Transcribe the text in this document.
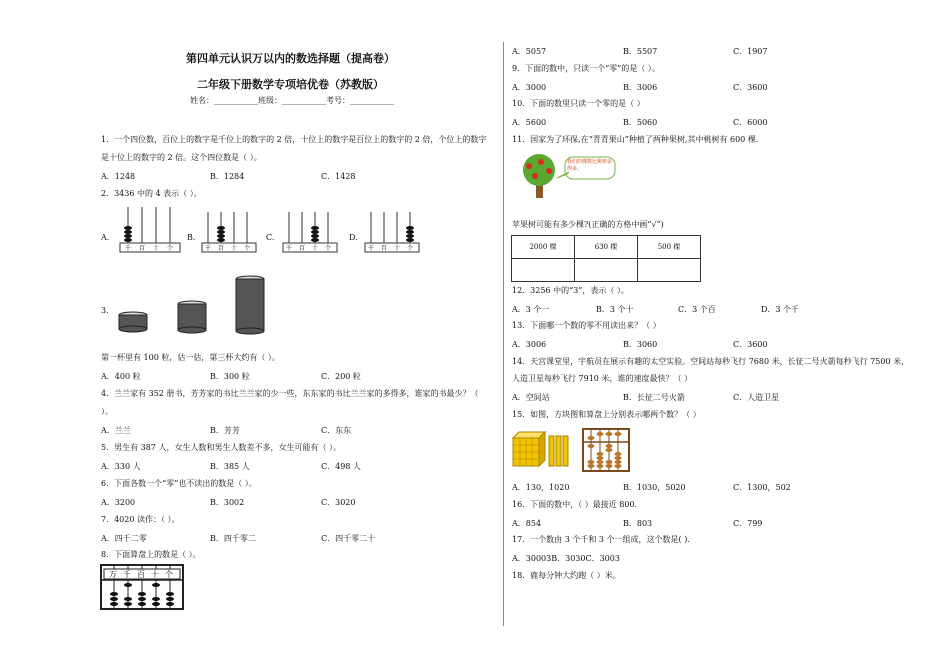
第四单元认识万以内的数选择题（提高卷）
二年级下册数学专项培优卷（苏教版）
姓名：___________班级：___________考号：___________
1．一个四位数，百位上的数字是千位上的数字的 2 倍，十位上的数字是百位上的数字的 2 倍，个位上的数字
是十位上的数字的 2 倍。这个四位数是（ ）。
A．1248	B．1284	C．1428
2．3436 中的 4 表示（ ）。
A.	B.	C.	D.
千 百 十 个	千 百 十 个	千 百 十 个	千 百 十 个
3．
第一杯里有 100 粒，估一估，第三杯大约有（ ）。
A．400 粒	B．300 粒	C．200 粒
4．兰兰家有 352 册书，芳芳家的书比兰兰家的少一些，东东家的书比兰兰家的多得多，谁家的书最少？（
）。
A．兰兰	B．芳芳	C．东东
5．男生有 387 人，女生人数和男生人数差不多，女生可能有（ ）。
A．330 人	B．385 人	C．498 人
6．下面各数一个“零”也不读出的数是（ ）。
A．3200	B．3002	C．3020
7．4020 读作：（ ）。
A．四千二零	B．四千零二	C．四千零二十
8．下面算盘上的数是（ ）。
万 千 百 十 个
A．5057	B．5507	C．1907
9．下面的数中，只读一个“零”的是（ ）。
A．3000	B．3006	C．3600
10．下面的数里只读一个零的是（ ）
A．5600	B．5060	C．6000
11．国家为了环保,在“青青果山”种植了两种果树,其中桃树有 600 棵.
我们的棵数比桃树多得多。
苹果树可能有多少棵?(正确的方格中画“√”)
2000 棵	630 棵	500 棵

12．3256 中的“3”，表示（ ）。
A．3 个一	B．3 个十	C．3 个百	D．3 个千
13．下面哪一个数的零不用读出来？（ ）
A．3006	B．3060	C．3600
14．天宫课堂里，宇航员在展示有趣的太空实验。空间站每秒飞行 7680 米，长征二号火箭每秒飞行 7500 米，
人造卫星每秒飞行 7910 米，谁的速度最快？（ ）
A．空间站	B．长征二号火箭	C．人造卫星
15．如图，方块图和算盘上分别表示哪两个数？（ ）
A．130，1020	B．1030，5020	C．1300，502
16．下面的数中，（ ）最接近 800．
A．854	B．803	C．799
17．一个数由 3 个千和 3 个一组成，这个数是( ).
A．30003B．3030C．3003
18．鹿每分钟大约跑（ ）米。
